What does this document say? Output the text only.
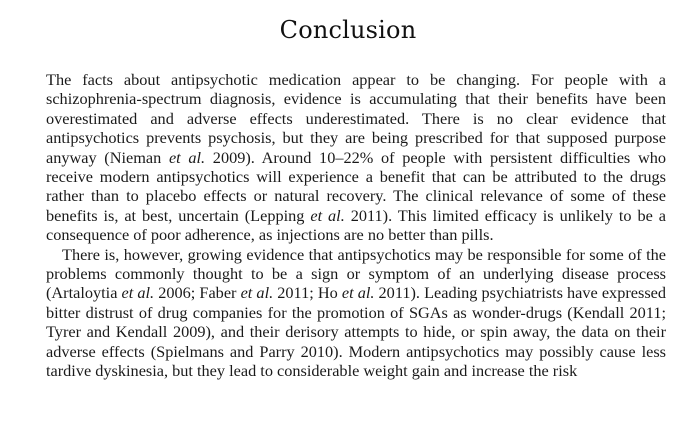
Conclusion

The facts about antipsychotic medication appear to be changing. For people with a schizophrenia-spectrum diagnosis, evidence is accumulating that their benefits have been overestimated and adverse effects underestimated. There is no clear evidence that antipsychotics prevents psychosis, but they are being prescribed for that supposed purpose anyway (Nieman et al. 2009). Around 10–22% of people with persistent difficulties who receive modern antipsychotics will experience a benefit that can be attributed to the drugs rather than to placebo effects or natural recovery. The clinical relevance of some of these benefits is, at best, uncertain (Lepping et al. 2011). This limited efficacy is unlikely to be a consequence of poor adherence, as injections are no better than pills.

There is, however, growing evidence that antipsychotics may be responsible for some of the problems commonly thought to be a sign or symptom of an underlying disease process (Artaloytia et al. 2006; Faber et al. 2011; Ho et al. 2011). Leading psychiatrists have expressed bitter distrust of drug companies for the promotion of SGAs as wonder-drugs (Kendall 2011; Tyrer and Kendall 2009), and their derisory attempts to hide, or spin away, the data on their adverse effects (Spielmans and Parry 2010). Modern antipsychotics may possibly cause less tardive dyskinesia, but they lead to considerable weight gain and increase the risk
